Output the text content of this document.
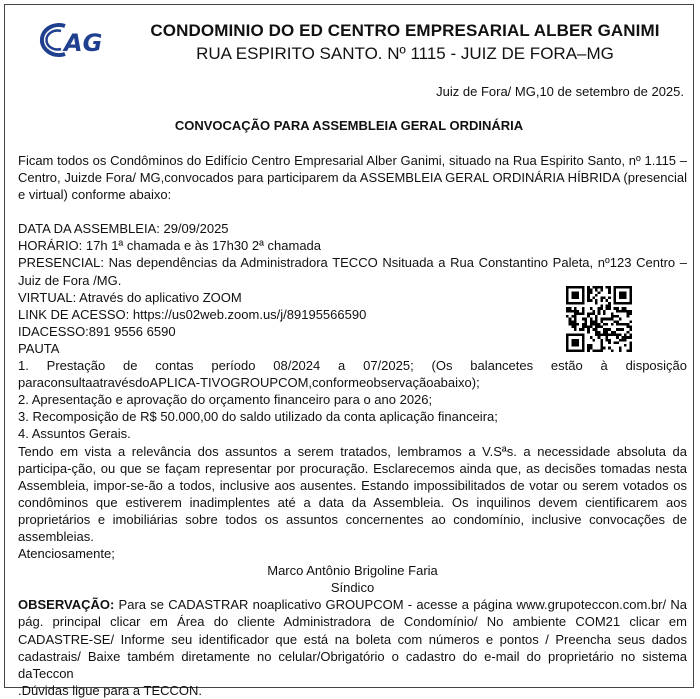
AG	CONDOMINIO DO ED CENTRO EMPRESARIAL ALBER GANIMI
RUA ESPIRITO SANTO. Nº 1115 - JUIZ DE FORA–MG
Juiz de Fora/ MG,10 de setembro de 2025.
CONVOCAÇÃO PARA ASSEMBLEIA GERAL ORDINÁRIA

Ficam todos os Condôminos do Edifício Centro Empresarial Alber Ganimi, situado na Rua Espirito Santo, nº 1.115 – Centro, Juizde Fora/ MG,convocados para participarem da ASSEMBLEIA GERAL ORDINÁRIA HÍBRIDA (presencial e virtual) conforme abaixo:

DATA DA ASSEMBLEIA: 29/09/2025

HORÁRIO: 17h 1ª chamada e às 17h30 2ª chamada

PRESENCIAL: Nas dependências da Administradora TECCO Nsituada a Rua Constantino Paleta, nº123 Centro – Juiz de Fora /MG.

VIRTUAL: Através do aplicativo ZOOM

LINK DE ACESSO: https://us02web.zoom.us/j/89195566590

IDACESSO:891 9556 6590

PAUTA

1. Prestação de contas período 08/2024 a 07/2025; (Os balancetes estão à disposição paraconsultaatravésdoAPLICA-TIVOGROUPCOM,conformeobservaçãoabaixo);

2. Apresentação e aprovação do orçamento financeiro para o ano 2026;

3. Recomposição de R$ 50.000,00 do saldo utilizado da conta aplicação financeira;

4. Assuntos Gerais.

Tendo em vista a relevância dos assuntos a serem tratados, lembramos a V.Sªs. a necessidade absoluta da participa-ção, ou que se façam representar por procuração. Esclarecemos ainda que, as decisões tomadas nesta Assembleia, impor-se-ão a todos, inclusive aos ausentes. Estando impossibilitados de votar ou serem votados os condôminos que estiverem inadimplentes até a data da Assembleia. Os inquilinos devem cientificarem aos proprietários e imobiliárias sobre todos os assuntos concernentes ao condomínio, inclusive convocações de assembleias.

Atenciosamente;

Marco Antônio Brigoline Faria

Síndico

OBSERVAÇÃO: Para se CADASTRAR noaplicativo GROUPCOM - acesse a página www.grupoteccon.com.br/ Na pág. principal clicar em Área do cliente Administradora de Condomínio/ No ambiente COM21 clicar em CADASTRE-SE/ Informe seu identificador que está na boleta com números e pontos / Preencha seus dados cadastrais/ Baixe também diretamente no celular/Obrigatório o cadastro do e-mail do proprietário no sistema daTeccon

.Dúvidas ligue para a TECCON.
